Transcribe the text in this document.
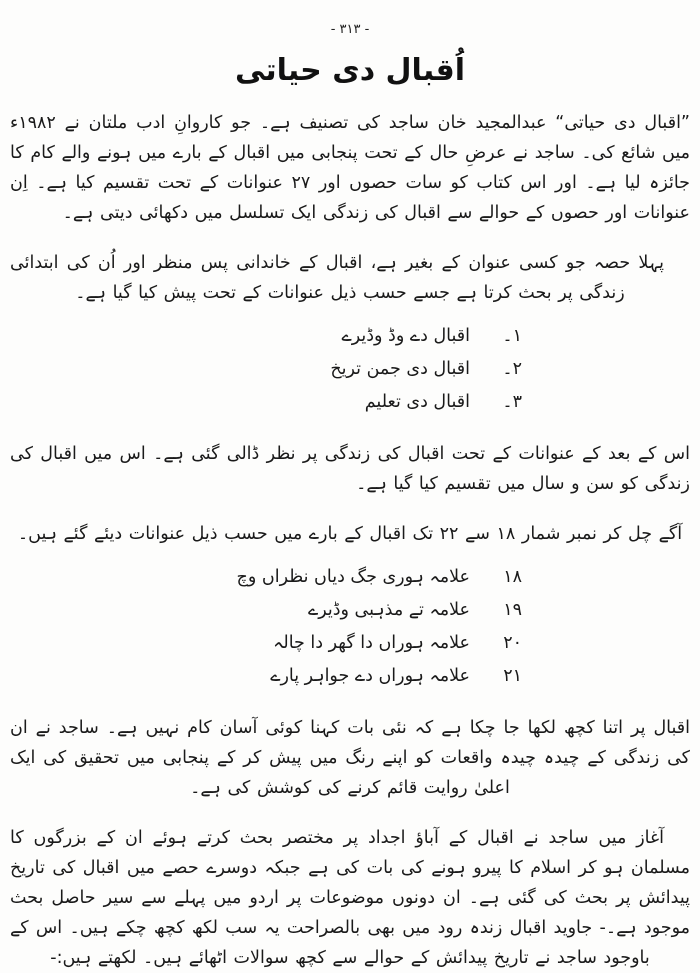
- ۳۱۳ -
اُقبال دی حیاتی
”اقبال دی حیاتی“ عبدالمجید خان ساجد کی تصنیف ہے۔ جو کاروانِ ادب ملتان نے ۱۹۸۲ء میں شائع کی۔ ساجد نے عرضِ حال کے تحت پنجابی میں اقبال کے بارے میں ہونے والے کام کا جائزہ لیا ہے۔ اور اس کتاب کو سات حصوں اور ۲۷ عنوانات کے تحت تقسیم کیا ہے۔ اِن عنوانات اور حصوں کے حوالے سے اقبال کی زندگی ایک تسلسل میں دکھائی دیتی ہے۔
پہلا حصہ جو کسی عنوان کے بغیر ہے، اقبال کے خاندانی پس منظر اور اُن کی ابتدائی زندگی پر بحث کرتا ہے جسے حسب ذیل عنوانات کے تحت پیش کیا گیا ہے۔
۱۔
اقبال دے وڈ وڈیرے
۲۔
اقبال دی جمن تریخ
۳۔
اقبال دی تعلیم
اس کے بعد کے عنوانات کے تحت اقبال کی زندگی پر نظر ڈالی گئی ہے۔ اس میں اقبال کی زندگی کو سن و سال میں تقسیم کیا گیا ہے۔
آگے چل کر نمبر شمار ۱۸ سے ۲۲ تک اقبال کے بارے میں حسب ذیل عنوانات دیئے گئے ہیں۔
۱۸
علامہ ہوری جگ دیاں نظراں وچ
۱۹
علامہ تے مذہبی وڈیرے
۲۰
علامہ ہوراں دا گھر دا چالہ
۲۱
علامہ ہوراں دے جواہر پارے
اقبال پر اتنا کچھ لکھا جا چکا ہے کہ نئی بات کہنا کوئی آسان کام نہیں ہے۔ ساجد نے ان کی زندگی کے چیدہ چیدہ واقعات کو اپنے رنگ میں پیش کر کے پنجابی میں تحقیق کی ایک اعلیٰ روایت قائم کرنے کی کوشش کی ہے۔
آغاز میں ساجد نے اقبال کے آباؤ اجداد پر مختصر بحث کرتے ہوئے ان کے بزرگوں کا مسلمان ہو کر اسلام کا پیرو ہونے کی بات کی ہے جبکہ دوسرے حصے میں اقبال کی تاریخ پیدائش پر بحث کی گئی ہے۔ ان دونوں موضوعات پر اردو میں پہلے سے سیر حاصل بحث موجود ہے۔- جاوید اقبال زندہ رود میں بھی بالصراحت یہ سب لکھ کچھ چکے ہیں۔ اس کے باوجود ساجد نے تاریخ پیدائش کے حوالے سے کچھ سوالات اٹھائے ہیں۔ لکھتے ہیں:-
